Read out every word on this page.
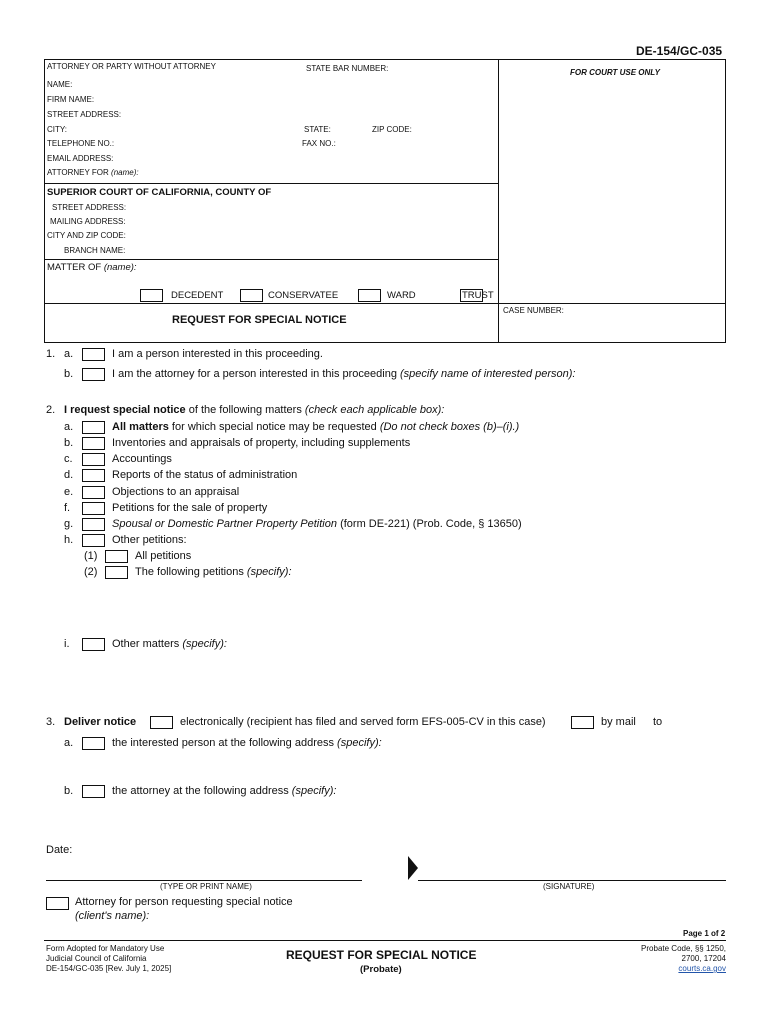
DE-154/GC-035
ATTORNEY OR PARTY WITHOUT ATTORNEY	STATE BAR NUMBER:	FOR COURT USE ONLY
NAME:
FIRM NAME:
STREET ADDRESS:
CITY:	STATE:	ZIP CODE:
TELEPHONE NO.:	FAX NO.:
EMAIL ADDRESS:
ATTORNEY FOR (name):
SUPERIOR COURT OF CALIFORNIA, COUNTY OF
STREET ADDRESS:
MAILING ADDRESS:
CITY AND ZIP CODE:
BRANCH NAME:
MATTER OF (name):
DECEDENT	CONSERVATEE	WARD	TRUST
CASE NUMBER:
REQUEST FOR SPECIAL NOTICE
1. a.	I am a person interested in this proceeding.
b.	I am the attorney for a person interested in this proceeding (specify name of interested person):
2. I request special notice of the following matters (check each applicable box):
a.	All matters for which special notice may be requested (Do not check boxes (b)–(i).)
b.	Inventories and appraisals of property, including supplements
c.	Accountings
d.	Reports of the status of administration
e.	Objections to an appraisal
f.	Petitions for the sale of property
g.	Spousal or Domestic Partner Property Petition (form DE-221) (Prob. Code, § 13650)
h.	Other petitions:
(1)	All petitions
(2)	The following petitions (specify):
i.	Other matters (specify):
3. Deliver notice	electronically (recipient has filed and served form EFS-005-CV in this case)	by mail to
a.	the interested person at the following address (specify):
b.	the attorney at the following address (specify):
Date:
(TYPE OR PRINT NAME)	(SIGNATURE)
Attorney for person requesting special notice
(client's name):
Page 1 of 2
Form Adopted for Mandatory Use
Judicial Council of California
DE-154/GC-035 [Rev. July 1, 2025]
REQUEST FOR SPECIAL NOTICE
(Probate)
Probate Code, §§ 1250,
2700, 17204
courts.ca.gov
